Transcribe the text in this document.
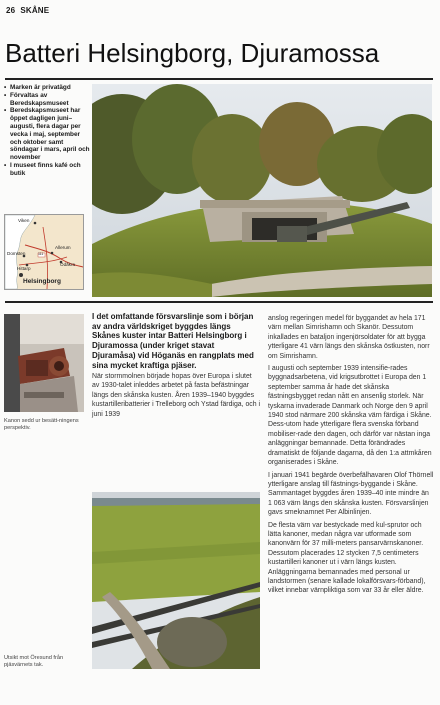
26 SKÅNE
Batteri Helsingborg, Djuramossa
• Marken är privatägd
• Förvaltas av Beredskapsmuseet
• Beredskapsmuseet har öppet dagligen juni–augusti, flera dagar per vecka i maj, september och oktober samt söndagar i mars, april och november
• I museet finns kafé och butik
Viken
Domsten
Allerum
Hittarp
Ödåkra
Helsingborg
111
Kanon sedd ur besätt-ningens perspektiv.

I det omfattande försvarslinje som i början av andra världskriget byggdes längs Skånes kuster intar Batteri Helsingborg i Djuramossa (under kriget stavat Djuramåsa) vid Höganäs en rangplats med sina mycket kraftiga pjäser.

När stormmolnen började hopas över Europa i slutet av 1930-talet inleddes arbetet på fasta befästningar längs den skånska kusten. Åren 1939–1940 byggdes kustartilleribatterier i Trelleborg och Ystad färdiga, och i juni 1939

Utsikt mot Öresund från pjäsvärnets tak.

anslog regeringen medel för byggandet av hela 171 värn mellan Simrishamn och Skanör. Dessutom inkallades en bataljon ingenjörsoldater för att bygga ytterligare 41 värn längs den skånska östkusten, norr om Simrishamn.

I augusti och september 1939 intensifie-rades byggnadsarbetena, vid krigsutbrottet i Europa den 1 september samma år hade det skånska fästningsbygget redan nått en ansenlig storlek. När tyskarna invaderade Danmark och Norge den 9 april 1940 stod närmare 200 skånska värn färdiga i Skåne. Dess-utom hade ytterligare flera svenska förband mobiliser-rade den dagen, och därför var nästan inga anläggningar bemannade. Detta förändrades dramatiskt de följande dagarna, då den 1:a attmkåren organiserades i Skåne.

I januari 1941 begärde överbefälhavaren Olof Thörnell ytterligare anslag till fästnings-byggande i Skåne. Sammantaget byggdes åren 1939–40 inte mindre än 1 063 värn längs den skånska kusten. Försvarslinjen gavs smeknamnet Per Albinlinjen.

De flesta värn var bestyckade med kul-sprutor och lätta kanoner, medan några var utformade som kanonvärn för 37 milli-meters pansarvärnskanoner. Dessutom placerades 12 stycken 7,5 centimeters kustartilleri kanoner ut i värn längs kusten. Anläggningarna bemannades med personal ur landstormen (senare kallade lokalförsvars-förband), vilket innebar värnpliktiga som var 33 år eller äldre.
